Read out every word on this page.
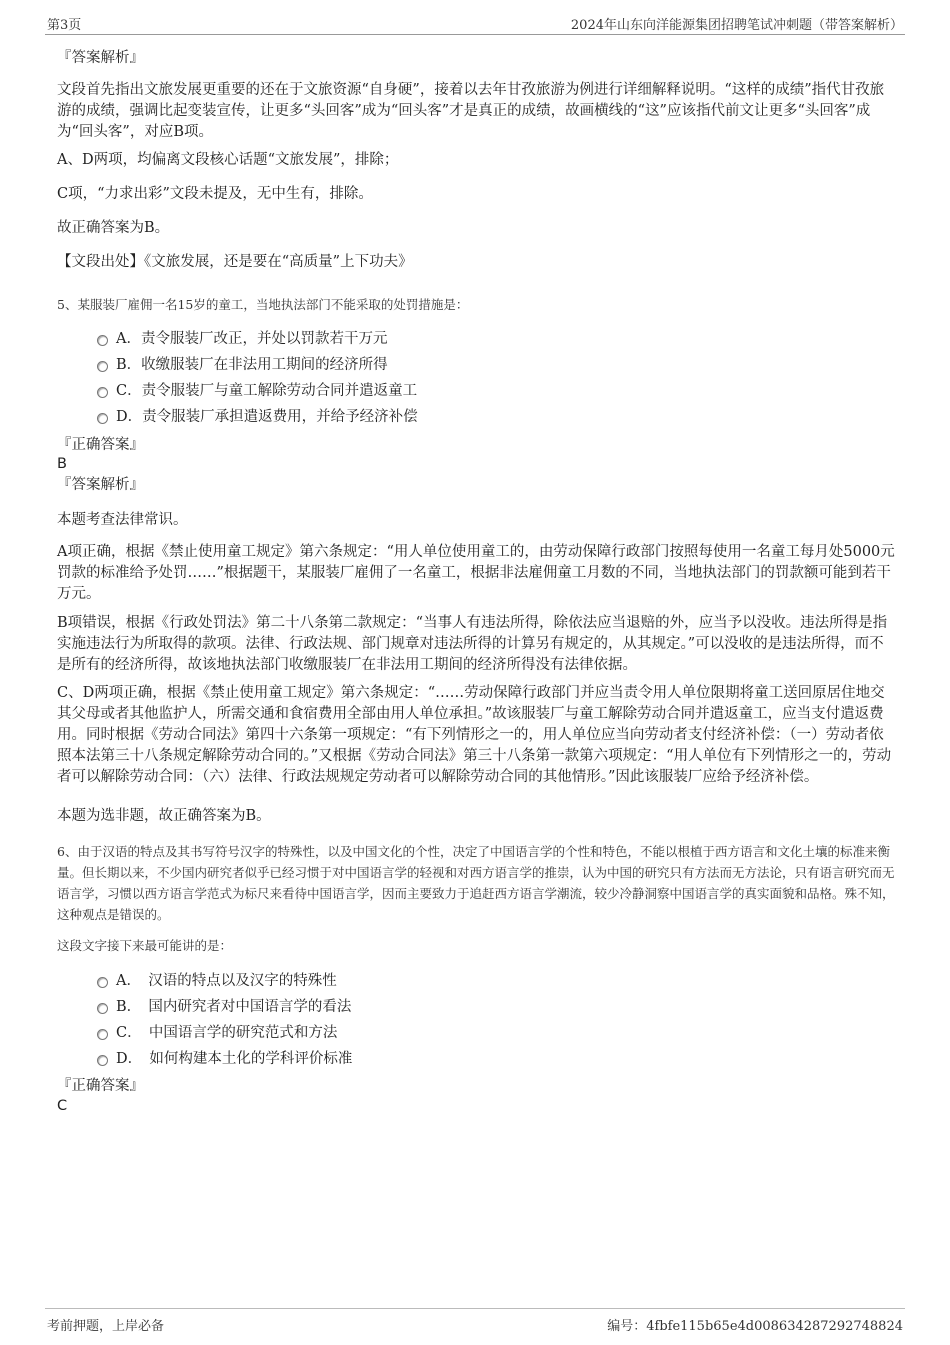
第3页	2024年山东向洋能源集团招聘笔试冲刺题（带答案解析）
『答案解析』
文段首先指出文旅发展更重要的还在于文旅资源“自身硬”，接着以去年甘孜旅游为例进行详细解释说明。“这样的成绩”指代甘孜旅游的成绩，强调比起变装宣传，让更多“头回客”成为“回头客”才是真正的成绩，故画横线的“这”应该指代前文让更多“头回客”成为“回头客”，对应B项。
A、D两项，均偏离文段核心话题“文旅发展”，排除；
C项，“力求出彩”文段未提及，无中生有，排除。
故正确答案为B。
【文段出处】《文旅发展，还是要在“高质量”上下功夫》
5、某服装厂雇佣一名15岁的童工，当地执法部门不能采取的处罚措施是：
A．责令服装厂改正，并处以罚款若干万元
B．收缴服装厂在非法用工期间的经济所得
C．责令服装厂与童工解除劳动合同并遣返童工
D．责令服装厂承担遣返费用，并给予经济补偿
『正确答案』
B
『答案解析』
本题考查法律常识。
A项正确，根据《禁止使用童工规定》第六条规定：“用人单位使用童工的，由劳动保障行政部门按照每使用一名童工每月处5000元罚款的标准给予处罚……”根据题干，某服装厂雇佣了一名童工，根据非法雇佣童工月数的不同，当地执法部门的罚款额可能到若干万元。
B项错误，根据《行政处罚法》第二十八条第二款规定：“当事人有违法所得，除依法应当退赔的外，应当予以没收。违法所得是指实施违法行为所取得的款项。法律、行政法规、部门规章对违法所得的计算另有规定的，从其规定。”可以没收的是违法所得，而不是所有的经济所得，故该地执法部门收缴服装厂在非法用工期间的经济所得没有法律依据。
C、D两项正确，根据《禁止使用童工规定》第六条规定：“……劳动保障行政部门并应当责令用人单位限期将童工送回原居住地交其父母或者其他监护人，所需交通和食宿费用全部由用人单位承担。”故该服装厂与童工解除劳动合同并遣返童工，应当支付遣返费用。同时根据《劳动合同法》第四十六条第一项规定：“有下列情形之一的，用人单位应当向劳动者支付经济补偿：（一）劳动者依照本法第三十八条规定解除劳动合同的。”又根据《劳动合同法》第三十八条第一款第六项规定：“用人单位有下列情形之一的，劳动者可以解除劳动合同：（六）法律、行政法规规定劳动者可以解除劳动合同的其他情形。”因此该服装厂应给予经济补偿。
本题为选非题，故正确答案为B。
6、由于汉语的特点及其书写符号汉字的特殊性，以及中国文化的个性，决定了中国语言学的个性和特色，不能以根植于西方语言和文化土壤的标准来衡量。但长期以来，不少国内研究者似乎已经习惯于对中国语言学的轻视和对西方语言学的推崇，认为中国的研究只有方法而无方法论，只有语言研究而无语言学，习惯以西方语言学范式为标尺来看待中国语言学，因而主要致力于追赶西方语言学潮流，较少冷静洞察中国语言学的真实面貌和品格。殊不知，这种观点是错误的。
这段文字接下来最可能讲的是：
A．　汉语的特点以及汉字的特殊性
B．　国内研究者对中国语言学的看法
C．　中国语言学的研究范式和方法
D．　如何构建本土化的学科评价标准
『正确答案』
C
考前押题，上岸必备	编号：4fbfe115b65e4d008634287292748824
